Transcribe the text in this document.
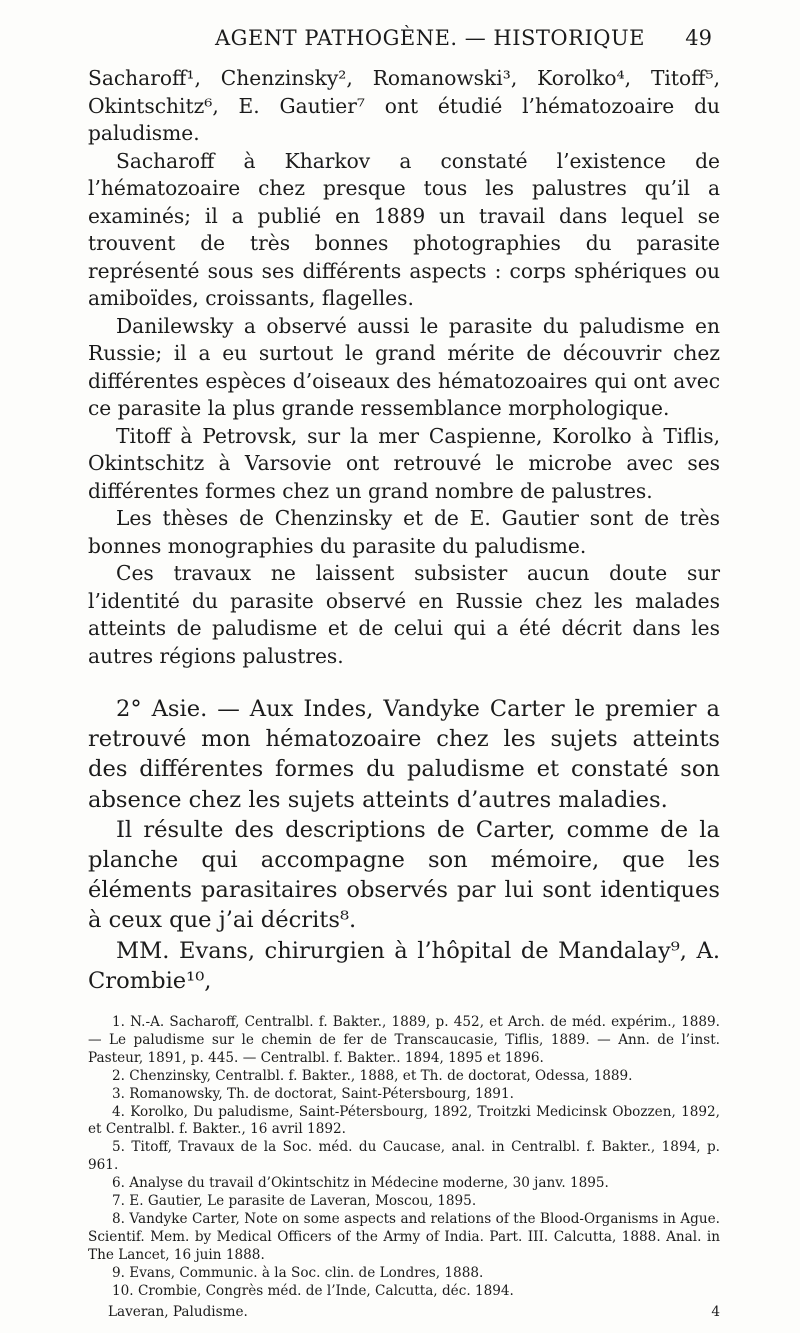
AGENT PATHOGÈNE. — HISTORIQUE	49

Sacharoff¹, Chenzinsky², Romanowski³, Korolko⁴, Titoff⁵, Okintschitz⁶, E. Gautier⁷ ont étudié l’hématozoaire du paludisme.

Sacharoff à Kharkov a constaté l’existence de l’hématozoaire chez presque tous les palustres qu’il a examinés; il a publié en 1889 un travail dans lequel se trouvent de très bonnes photographies du parasite représenté sous ses différents aspects : corps sphériques ou amiboïdes, croissants, flagelles.

Danilewsky a observé aussi le parasite du paludisme en Russie; il a eu surtout le grand mérite de découvrir chez différentes espèces d’oiseaux des hématozoaires qui ont avec ce parasite la plus grande ressemblance morphologique.

Titoff à Petrovsk, sur la mer Caspienne, Korolko à Tiflis, Okintschitz à Varsovie ont retrouvé le microbe avec ses différentes formes chez un grand nombre de palustres.

Les thèses de Chenzinsky et de E. Gautier sont de très bonnes monographies du parasite du paludisme.

Ces travaux ne laissent subsister aucun doute sur l’identité du parasite observé en Russie chez les malades atteints de paludisme et de celui qui a été décrit dans les autres régions palustres.

2° Asie. — Aux Indes, Vandyke Carter le premier a retrouvé mon hématozoaire chez les sujets atteints des différentes formes du paludisme et constaté son absence chez les sujets atteints d’autres maladies.

Il résulte des descriptions de Carter, comme de la planche qui accompagne son mémoire, que les éléments parasitaires observés par lui sont identiques à ceux que j’ai décrits⁸.

MM. Evans, chirurgien à l’hôpital de Mandalay⁹, A. Crombie¹⁰,

1. N.-A. Sacharoff, Centralbl. f. Bakter., 1889, p. 452, et Arch. de méd. expérim., 1889. — Le paludisme sur le chemin de fer de Transcaucasie, Tiflis, 1889. — Ann. de l’inst. Pasteur, 1891, p. 445. — Centralbl. f. Bakter.. 1894, 1895 et 1896.

2. Chenzinsky, Centralbl. f. Bakter., 1888, et Th. de doctorat, Odessa, 1889.

3. Romanowsky, Th. de doctorat, Saint-Pétersbourg, 1891.

4. Korolko, Du paludisme, Saint-Pétersbourg, 1892, Troitzki Medicinsk Obozzen, 1892, et Centralbl. f. Bakter., 16 avril 1892.

5. Titoff, Travaux de la Soc. méd. du Caucase, anal. in Centralbl. f. Bakter., 1894, p. 961.

6. Analyse du travail d’Okintschitz in Médecine moderne, 30 janv. 1895.

7. E. Gautier, Le parasite de Laveran, Moscou, 1895.

8. Vandyke Carter, Note on some aspects and relations of the Blood-Organisms in Ague. Scientif. Mem. by Medical Officers of the Army of India. Part. III. Calcutta, 1888. Anal. in The Lancet, 16 juin 1888.

9. Evans, Communic. à la Soc. clin. de Londres, 1888.

10. Crombie, Congrès méd. de l’Inde, Calcutta, déc. 1894.

Laveran, Paludisme.	4
